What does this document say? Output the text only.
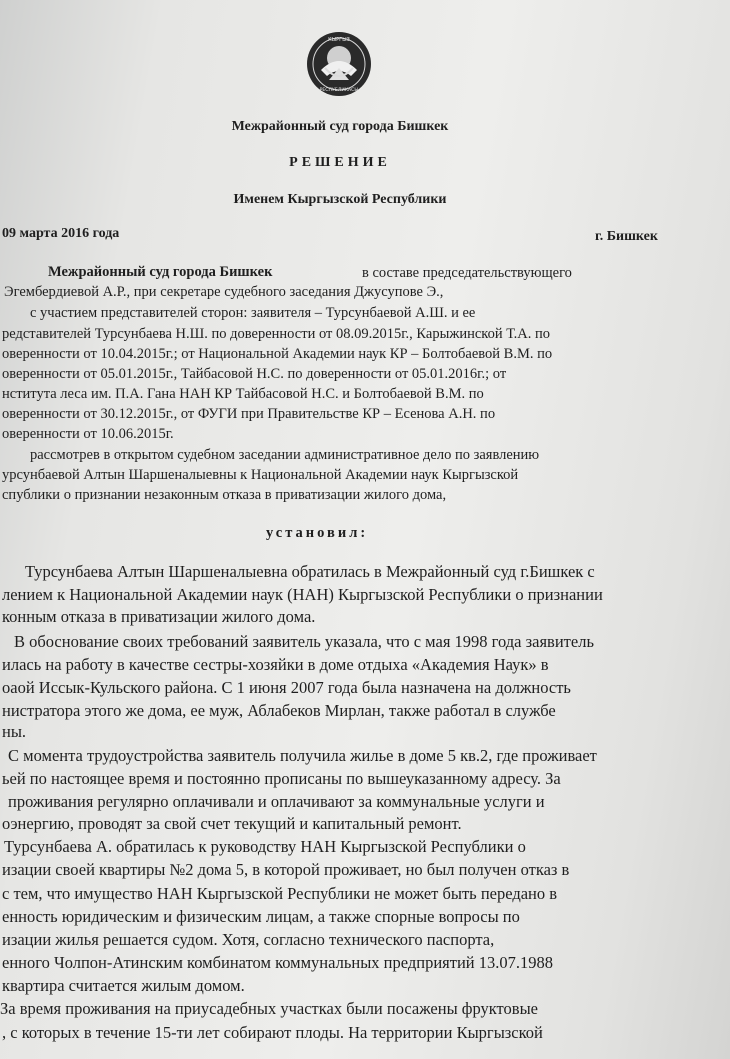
КЫРГЫЗ
РЕСПУБЛИКАСЫ
Межрайонный суд города Бишкек
РЕШЕНИЕ
Именем Кыргызской Республики
09 марта 2016 года	г. Бишкек
Межрайонный суд города Бишкек	в составе председательствующего
Эгембердиевой А.Р., при секретаре судебного заседания Джусупове Э.,
с участием представителей сторон: заявителя – Турсунбаевой А.Ш. и ее
редставителей Турсунбаева Н.Ш. по доверенности от 08.09.2015г., Карыжинской Т.А. по
оверенности от 10.04.2015г.; от Национальной Академии наук КР – Болтобаевой В.М. по
оверенности от 05.01.2015г., Тайбасовой Н.С. по доверенности от 05.01.2016г.; от
нститута леса им. П.А. Гана НАН КР Тайбасовой Н.С. и Болтобаевой В.М. по
оверенности от 30.12.2015г., от ФУГИ при Правительстве КР – Есенова А.Н. по
оверенности от 10.06.2015г.
рассмотрев в открытом судебном заседании административное дело по заявлению
урсунбаевой Алтын Шаршеналыевны к Национальной Академии наук Кыргызской
спублики о признании незаконным отказа в приватизации жилого дома,
установил:
Турсунбаева Алтын Шаршеналыевна обратилась в Межрайонный суд г.Бишкек с
лением к Национальной Академии наук (НАН) Кыргызской Республики о признании
конным отказа в приватизации жилого дома.
В обоснование своих требований заявитель указала, что с мая 1998 года заявитель
илась на работу в качестве сестры-хозяйки в доме отдыха «Академия Наук» в
оаой Иссык-Кульского района. С 1 июня 2007 года была назначена на должность
нистратора этого же дома, ее муж, Аблабеков Мирлан, также работал в службе
ны.
С момента трудоустройства заявитель получила жилье в доме 5 кв.2, где проживает
ьей по настоящее время и постоянно прописаны по вышеуказанному адресу. За
проживания регулярно оплачивали и оплачивают за коммунальные услуги и
оэнергию, проводят за свой счет текущий и капитальный ремонт.
Турсунбаева А. обратилась к руководству НАН Кыргызской Республики о
изации своей квартиры №2 дома 5, в которой проживает, но был получен отказ в
с тем, что имущество НАН Кыргызской Республики не может быть передано в
енность юридическим и физическим лицам, а также спорные вопросы по
изации жилья решается судом. Хотя, согласно технического паспорта,
енного Чолпон-Атинским комбинатом коммунальных предприятий 13.07.1988
квартира считается жилым домом.
За время проживания на приусадебных участках были посажены фруктовые
, с которых в течение 15-ти лет собирают плоды. На территории Кыргызской
